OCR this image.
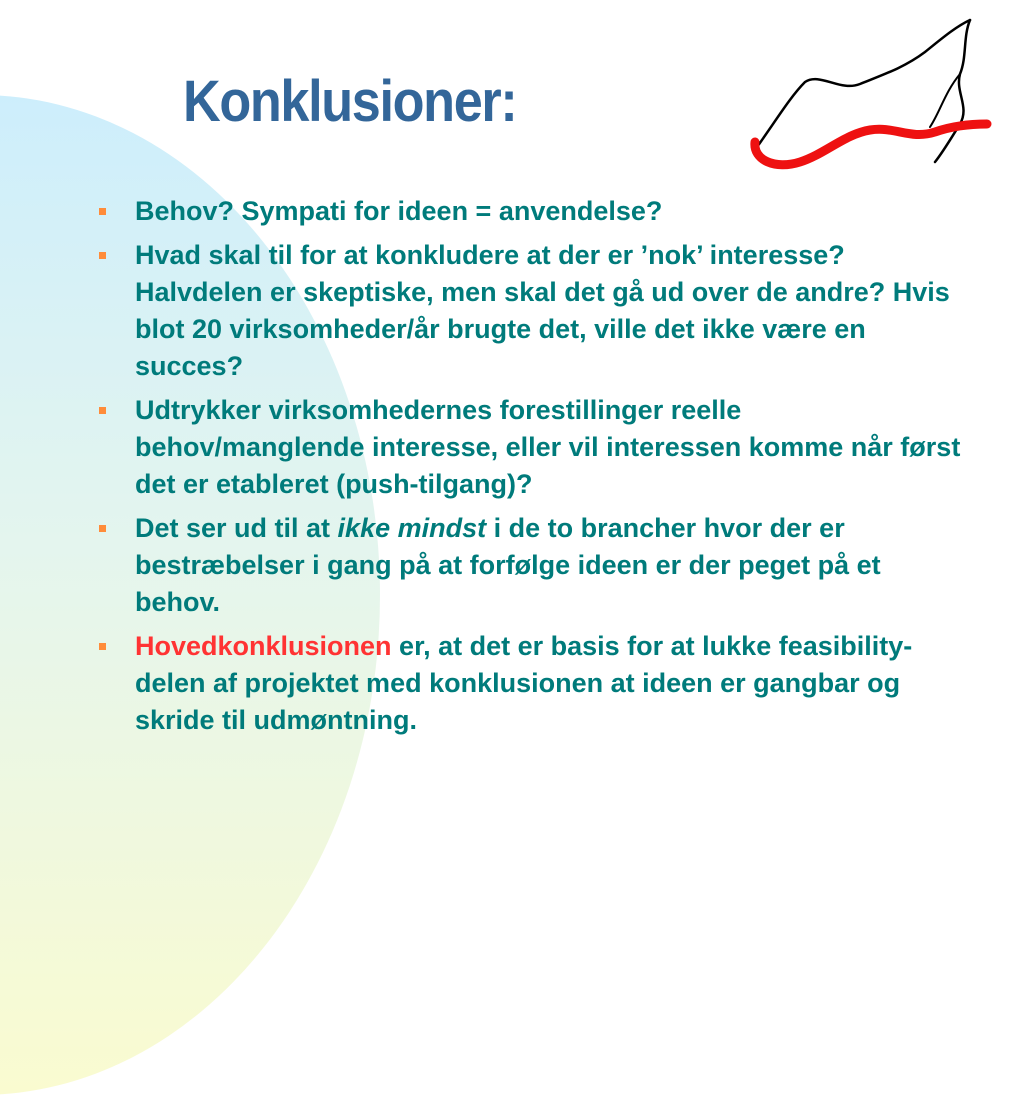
Konklusioner:
Behov? Sympati for ideen = anvendelse?
Hvad skal til for at konkludere at der er ’nok’ interesse? Halvdelen er skeptiske, men skal det gå ud over de andre? Hvis blot 20 virksomheder/år brugte det, ville det ikke være en succes?
Udtrykker virksomhedernes forestillinger reelle behov/manglende interesse, eller vil interessen komme når først det er etableret (push-tilgang)?
Det ser ud til at ikke mindst i de to brancher hvor der er bestræbelser i gang på at forfølge ideen er der peget på et behov.
Hovedkonklusionen er, at det er basis for at lukke feasibility-delen af projektet med konklusionen at ideen er gangbar og skride til udmøntning.
